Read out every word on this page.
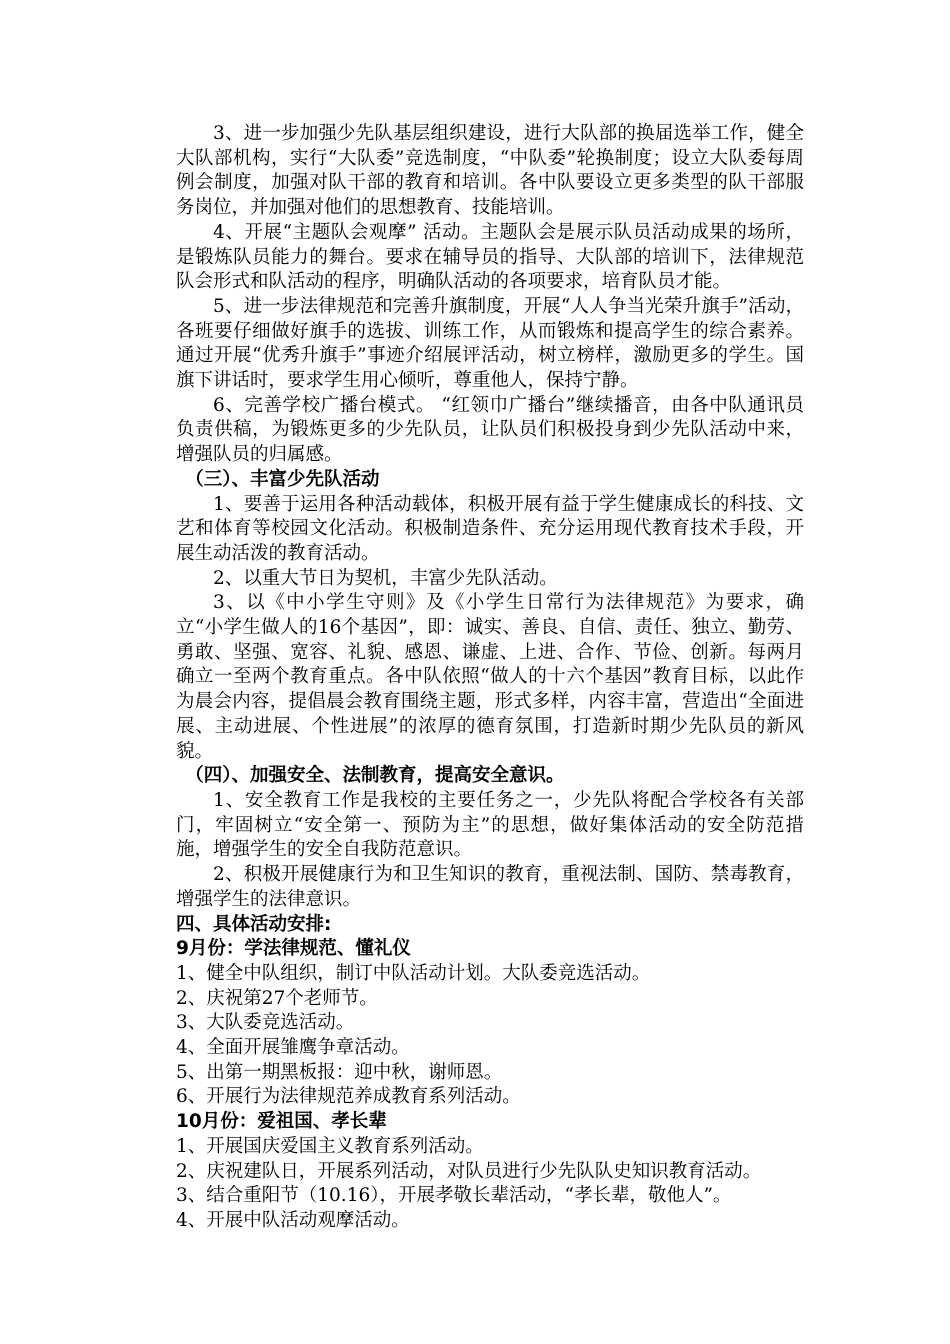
3、进一步加强少先队基层组织建设，进行大队部的换届选举工作，健全大队部机构，实行“大队委”竞选制度，“中队委”轮换制度；设立大队委每周例会制度，加强对队干部的教育和培训。各中队要设立更多类型的队干部服务岗位，并加强对他们的思想教育、技能培训。

4、开展“主题队会观摩” 活动。主题队会是展示队员活动成果的场所，是锻炼队员能力的舞台。要求在辅导员的指导、大队部的培训下，法律规范队会形式和队活动的程序，明确队活动的各项要求，培育队员才能。

5、进一步法律规范和完善升旗制度，开展“人人争当光荣升旗手”活动，各班要仔细做好旗手的选拔、训练工作，从而锻炼和提高学生的综合素养。通过开展“优秀升旗手”事迹介绍展评活动，树立榜样，激励更多的学生。国旗下讲话时，要求学生用心倾听，尊重他人，保持宁静。

6、完善学校广播台模式。 “红领巾广播台”继续播音，由各中队通讯员负责供稿，为锻炼更多的少先队员，让队员们积极投身到少先队活动中来，增强队员的归属感。

（三）、丰富少先队活动

1、要善于运用各种活动载体，积极开展有益于学生健康成长的科技、文艺和体育等校园文化活动。积极制造条件、充分运用现代教育技术手段，开展生动活泼的教育活动。

2、以重大节日为契机，丰富少先队活动。

3、以《中小学生守则》及《小学生日常行为法律规范》为要求，确立“小学生做人的16个基因”，即：诚实、善良、自信、责任、独立、勤劳、勇敢、坚强、宽容、礼貌、感恩、谦虚、上进、合作、节俭、创新。每两月确立一至两个教育重点。各中队依照“做人的十六个基因”教育目标，以此作为晨会内容，提倡晨会教育围绕主题，形式多样，内容丰富，营造出“全面进展、主动进展、个性进展”的浓厚的德育氛围，打造新时期少先队员的新风貌。

（四）、加强安全、法制教育，提高安全意识。

1、安全教育工作是我校的主要任务之一，少先队将配合学校各有关部门，牢固树立“安全第一、预防为主”的思想，做好集体活动的安全防范措施，增强学生的安全自我防范意识。

2、积极开展健康行为和卫生知识的教育，重视法制、国防、禁毒教育，增强学生的法律意识。

四、具体活动安排:

9月份：学法律规范、懂礼仪

1、健全中队组织，制订中队活动计划。大队委竞选活动。

2、庆祝第27个老师节。

3、大队委竞选活动。

4、全面开展雏鹰争章活动。

5、出第一期黑板报：迎中秋，谢师恩。

6、开展行为法律规范养成教育系列活动。

10月份：爱祖国、孝长辈

1、开展国庆爱国主义教育系列活动。

2、庆祝建队日，开展系列活动，对队员进行少先队队史知识教育活动。

3、结合重阳节（10.16），开展孝敬长辈活动，“孝长辈，敬他人”。

4、开展中队活动观摩活动。
